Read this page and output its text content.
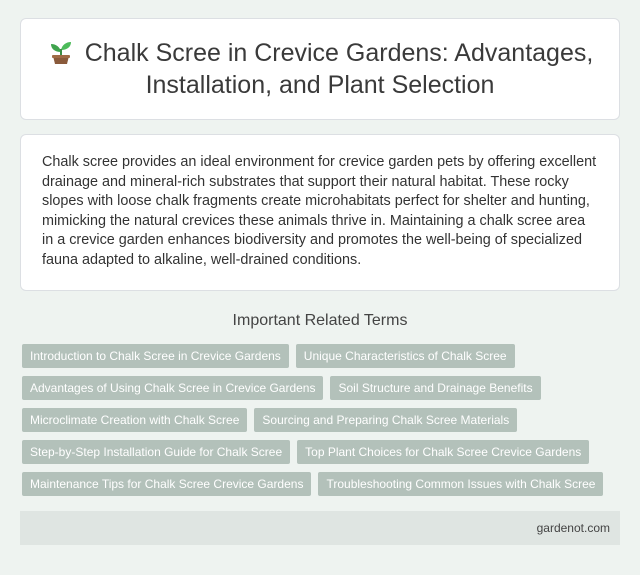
Chalk Scree in Crevice Gardens: Advantages, Installation, and Plant Selection

Chalk scree provides an ideal environment for crevice garden pets by offering excellent drainage and mineral-rich substrates that support their natural habitat. These rocky slopes with loose chalk fragments create microhabitats perfect for shelter and hunting, mimicking the natural crevices these animals thrive in. Maintaining a chalk scree area in a crevice garden enhances biodiversity and promotes the well-being of specialized fauna adapted to alkaline, well-drained conditions.

Important Related Terms
Introduction to Chalk Scree in Crevice Gardens	Unique Characteristics of Chalk Scree
Advantages of Using Chalk Scree in Crevice Gardens	Soil Structure and Drainage Benefits
Microclimate Creation with Chalk Scree	Sourcing and Preparing Chalk Scree Materials
Step-by-Step Installation Guide for Chalk Scree	Top Plant Choices for Chalk Scree Crevice Gardens
Maintenance Tips for Chalk Scree Crevice Gardens	Troubleshooting Common Issues with Chalk Scree
gardenot.com
